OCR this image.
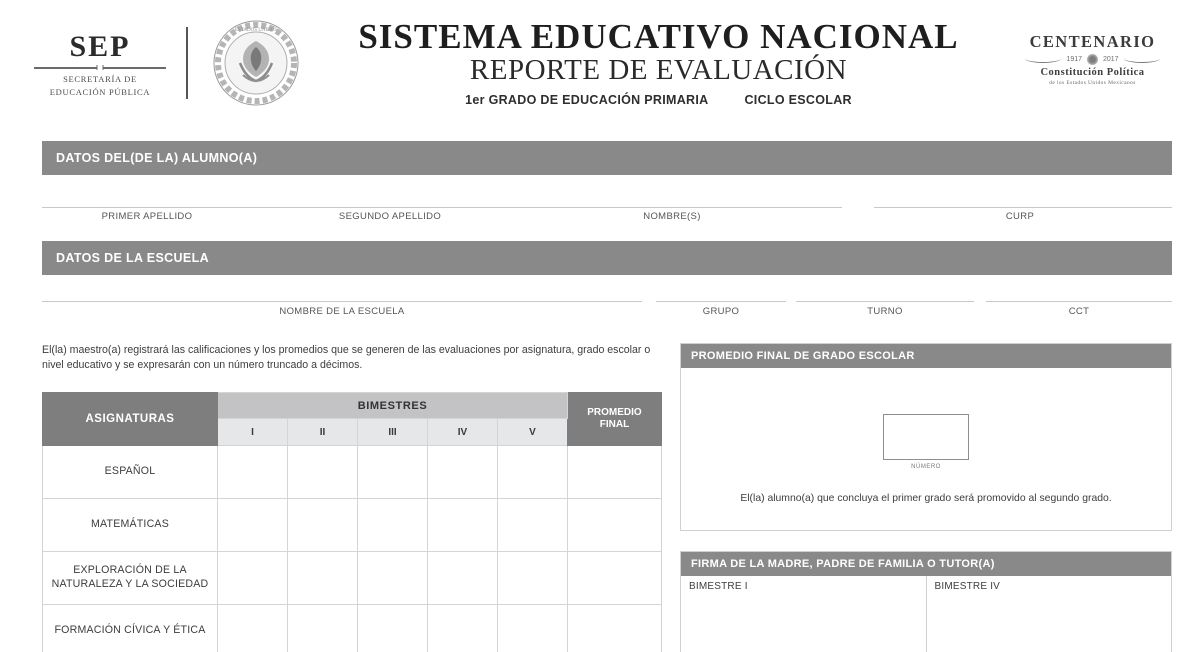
SEP
SECRETARÍA DE
EDUCACIÓN PÚBLICA
ESTADOS UNIDOS	SISTEMA EDUCATIVO NACIONAL
REPORTE DE EVALUACIÓN
1er GRADO DE EDUCACIÓN PRIMARIA	CICLO ESCOLAR
CENTENARIO
1917	2017
Constitución Política
de los Estados Unidos Mexicanos
DATOS DEL(DE LA) ALUMNO(A)
PRIMER APELLIDO	SEGUNDO APELLIDO	NOMBRE(S)	CURP
DATOS DE LA ESCUELA
NOMBRE DE LA ESCUELA	GRUPO	TURNO	CCT
El(la) maestro(a) registrará las calificaciones y los promedios que se generen de las evaluaciones por asignatura, grado escolar o nivel educativo y se expresarán con un número truncado a décimos.
ASIGNATURAS	BIMESTRES					PROMEDIO
FINAL

	I	II	III	IV	V	
ESPAÑOL						
MATEMÁTICAS						
EXPLORACIÓN DE LA NATURALEZA Y LA SOCIEDAD						
FORMACIÓN CÍVICA Y ÉTICA						
PROMEDIO FINAL DE GRADO ESCOLAR
NÚMERO
El(la) alumno(a) que concluya el primer grado será promovido al segundo grado.
FIRMA DE LA MADRE, PADRE DE FAMILIA O TUTOR(A)
BIMESTRE I	BIMESTRE IV
